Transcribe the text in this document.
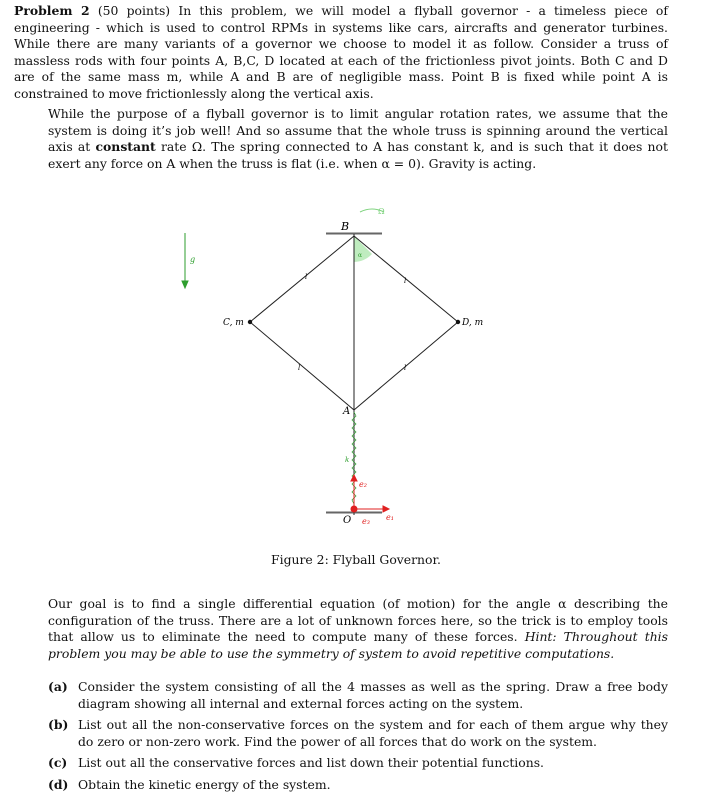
Problem 2 (50 points) In this problem, we will model a flyball governor - a timeless piece of engineering - which is used to control RPMs in systems like cars, aircrafts and generator turbines. While there are many variants of a governor we choose to model it as follow. Consider a truss of massless rods with four points A, B,C, D located at each of the frictionless pivot joints. Both C and D are of the same mass m, while A and B are of negligible mass. Point B is fixed while point A is constrained to move frictionlessly along the vertical axis.
While the purpose of a flyball governor is to limit angular rotation rates, we assume that the system is doing it’s job well! And so assume that the whole truss is spinning around the vertical axis at constant rate Ω. The spring connected to A has constant k, and is such that it does not exert any force on A when the truss is flat (i.e. when α = 0). Gravity is acting.
g
B
Ω
α
l	l
l	l
C, m	D, m
A
k
O
e₂
e₃ e₁
Figure 2: Flyball Governor.
Our goal is to find a single differential equation (of motion) for the angle α describing the configuration of the truss. There are a lot of unknown forces here, so the trick is to employ tools that allow us to eliminate the need to compute many of these forces. Hint: Throughout this problem you may be able to use the symmetry of system to avoid repetitive computations.
(a) Consider the system consisting of all the 4 masses as well as the spring. Draw a free body diagram showing all internal and external forces acting on the system.
(b) List out all the non-conservative forces on the system and for each of them argue why they do zero or non-zero work. Find the power of all forces that do work on the system.
(c) List out all the conservative forces and list down their potential functions.
(d) Obtain the kinetic energy of the system.
